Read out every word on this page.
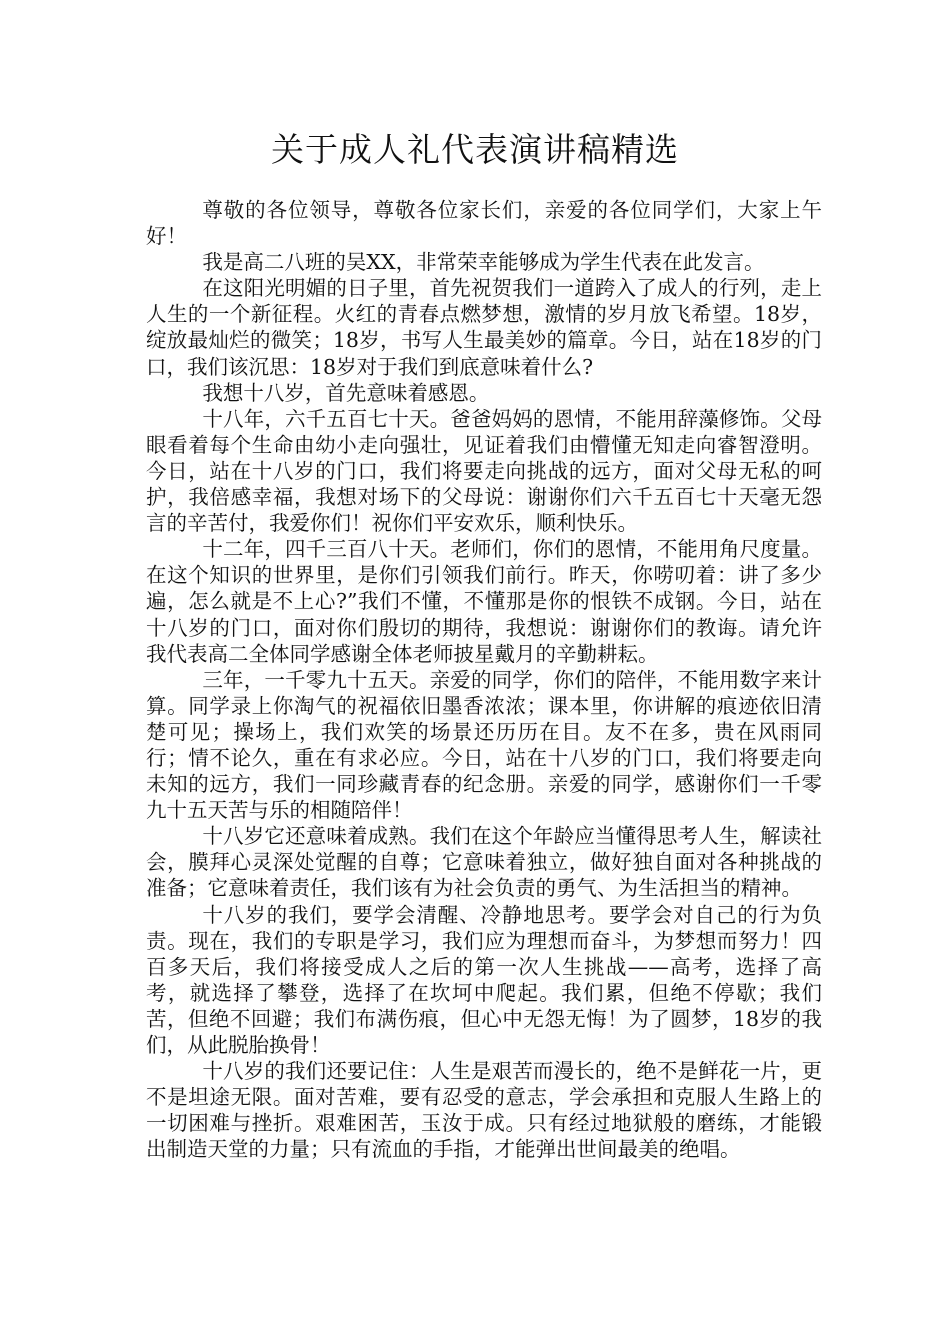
关于成人礼代表演讲稿精选

尊敬的各位领导，尊敬各位家长们，亲爱的各位同学们，大家上午好！

我是高二八班的吴XX，非常荣幸能够成为学生代表在此发言。

在这阳光明媚的日子里，首先祝贺我们一道跨入了成人的行列，走上人生的一个新征程。火红的青春点燃梦想，激情的岁月放飞希望。18岁，绽放最灿烂的微笑；18岁，书写人生最美妙的篇章。今日，站在18岁的门口，我们该沉思：18岁对于我们到底意味着什么?

我想十八岁，首先意味着感恩。

十八年，六千五百七十天。爸爸妈妈的恩情，不能用辞藻修饰。父母眼看着每个生命由幼小走向强壮，见证着我们由懵懂无知走向睿智澄明。今日，站在十八岁的门口，我们将要走向挑战的远方，面对父母无私的呵护，我倍感幸福，我想对场下的父母说：谢谢你们六千五百七十天毫无怨言的辛苦付，我爱你们！祝你们平安欢乐，顺利快乐。

十二年，四千三百八十天。老师们，你们的恩情，不能用角尺度量。在这个知识的世界里，是你们引领我们前行。昨天，你唠叨着：讲了多少遍，怎么就是不上心?”我们不懂，不懂那是你的恨铁不成钢。今日，站在十八岁的门口，面对你们殷切的期待，我想说：谢谢你们的教诲。请允许我代表高二全体同学感谢全体老师披星戴月的辛勤耕耘。

三年，一千零九十五天。亲爱的同学，你们的陪伴，不能用数字来计算。同学录上你淘气的祝福依旧墨香浓浓；课本里，你讲解的痕迹依旧清楚可见；操场上，我们欢笑的场景还历历在目。友不在多，贵在风雨同行；情不论久，重在有求必应。今日，站在十八岁的门口，我们将要走向未知的远方，我们一同珍藏青春的纪念册。亲爱的同学，感谢你们一千零九十五天苦与乐的相随陪伴！

十八岁它还意味着成熟。我们在这个年龄应当懂得思考人生，解读社会，膜拜心灵深处觉醒的自尊；它意味着独立，做好独自面对各种挑战的准备；它意味着责任，我们该有为社会负责的勇气、为生活担当的精神。

十八岁的我们，要学会清醒、冷静地思考。要学会对自己的行为负责。现在，我们的专职是学习，我们应为理想而奋斗，为梦想而努力！四百多天后，我们将接受成人之后的第一次人生挑战——高考，选择了高考，就选择了攀登，选择了在坎坷中爬起。我们累，但绝不停歇；我们苦，但绝不回避；我们布满伤痕，但心中无怨无悔！为了圆梦，18岁的我们，从此脱胎换骨！

十八岁的我们还要记住：人生是艰苦而漫长的，绝不是鲜花一片，更不是坦途无限。面对苦难，要有忍受的意志，学会承担和克服人生路上的一切困难与挫折。艰难困苦，玉汝于成。只有经过地狱般的磨练，才能锻出制造天堂的力量；只有流血的手指，才能弹出世间最美的绝唱。
